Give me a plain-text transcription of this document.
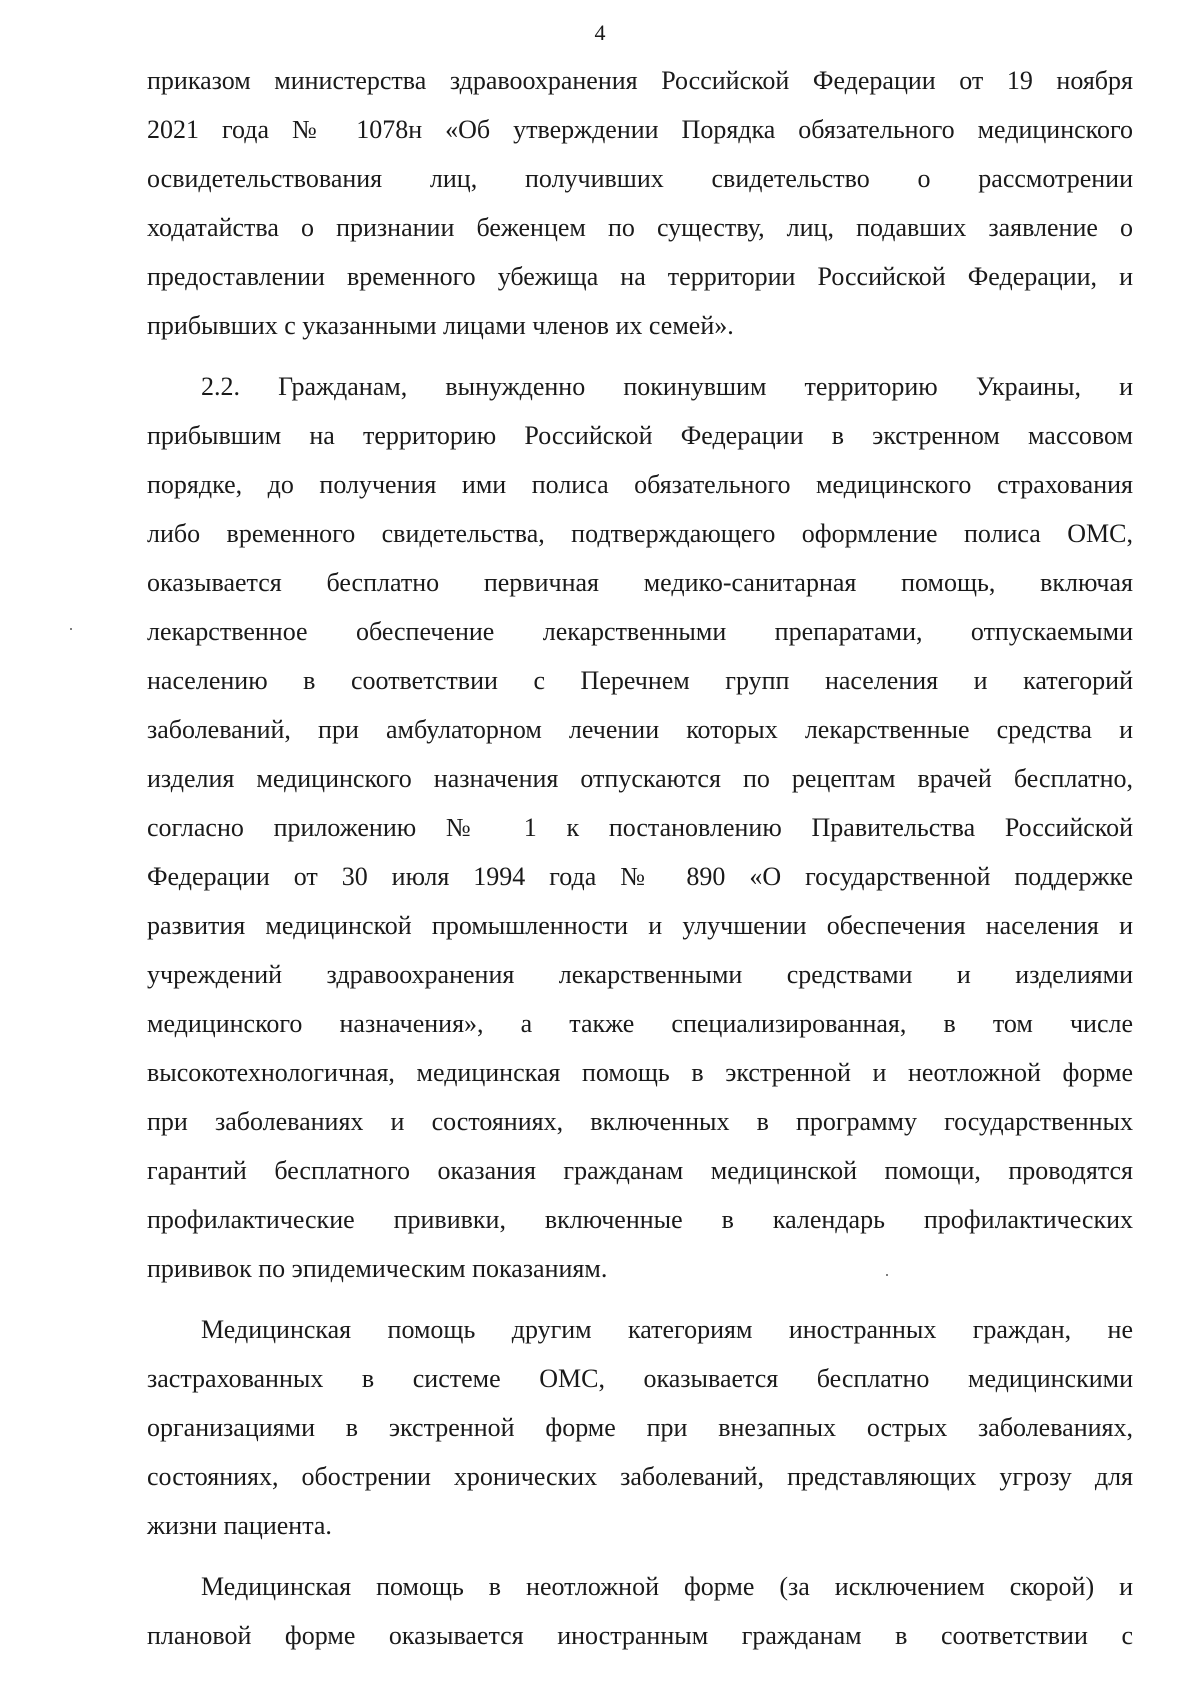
4
приказом министерства здравоохранения Российской Федерации от 19 ноября
2021 года № 1078н «Об утверждении Порядка обязательного медицинского
освидетельствования лиц, получивших свидетельство о рассмотрении
ходатайства о признании беженцем по существу, лиц, подавших заявление о
предоставлении временного убежища на территории Российской Федерации, и
прибывших с указанными лицами членов их семей».
2.2. Гражданам, вынужденно покинувшим территорию Украины, и
прибывшим на территорию Российской Федерации в экстренном массовом
порядке, до получения ими полиса обязательного медицинского страхования
либо временного свидетельства, подтверждающего оформление полиса ОМС,
оказывается бесплатно первичная медико-санитарная помощь, включая
лекарственное обеспечение лекарственными препаратами, отпускаемыми
населению в соответствии с Перечнем групп населения и категорий
заболеваний, при амбулаторном лечении которых лекарственные средства и
изделия медицинского назначения отпускаются по рецептам врачей бесплатно,
согласно приложению № 1 к постановлению Правительства Российской
Федерации от 30 июля 1994 года № 890 «О государственной поддержке
развития медицинской промышленности и улучшении обеспечения населения и
учреждений здравоохранения лекарственными средствами и изделиями
медицинского назначения», а также специализированная, в том числе
высокотехнологичная, медицинская помощь в экстренной и неотложной форме
при заболеваниях и состояниях, включенных в программу государственных
гарантий бесплатного оказания гражданам медицинской помощи, проводятся
профилактические прививки, включенные в календарь профилактических
прививок по эпидемическим показаниям.
Медицинская помощь другим категориям иностранных граждан, не
застрахованных в системе ОМС, оказывается бесплатно медицинскими
организациями в экстренной форме при внезапных острых заболеваниях,
состояниях, обострении хронических заболеваний, представляющих угрозу для
жизни пациента.
Медицинская помощь в неотложной форме (за исключением скорой) и
плановой форме оказывается иностранным гражданам в соответствии с
